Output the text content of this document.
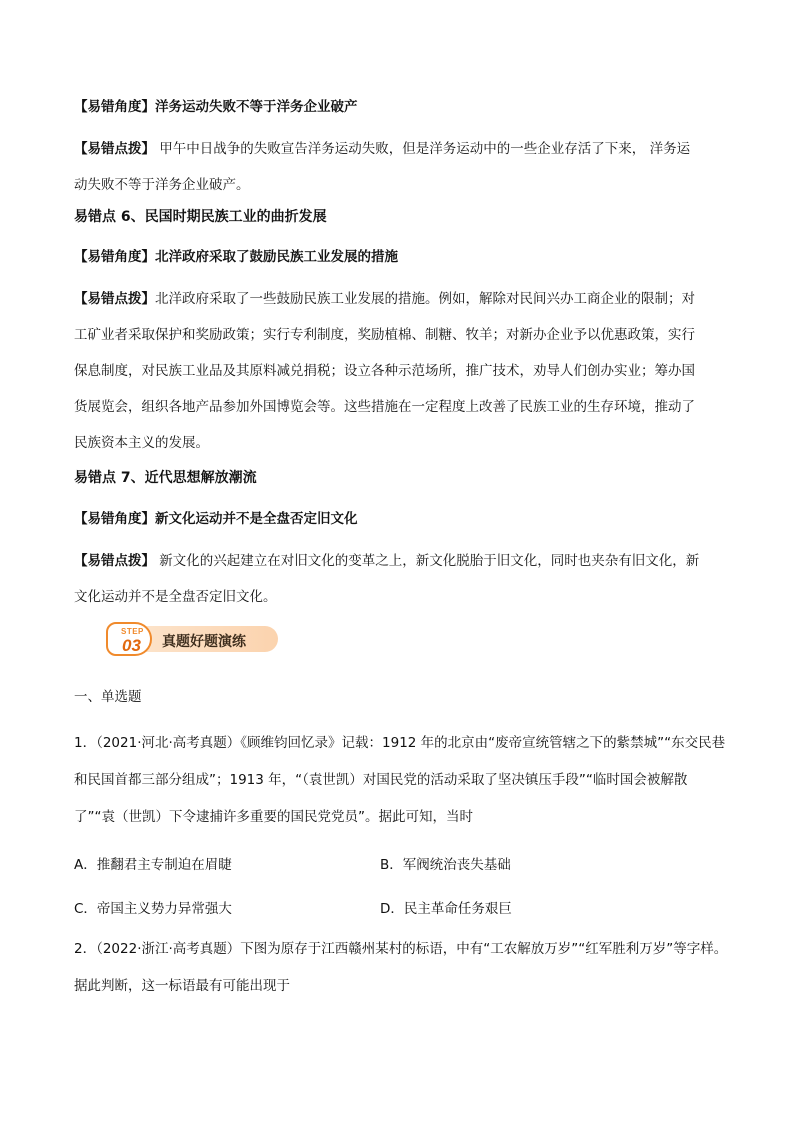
【易错角度】洋务运动失败不等于洋务企业破产
【易错点拨】 甲午中日战争的失败宣告洋务运动失败，但是洋务运动中的一些企业存活了下来， 洋务运
动失败不等于洋务企业破产。
易错点 6、民国时期民族工业的曲折发展
【易错角度】北洋政府采取了鼓励民族工业发展的措施
【易错点拨】北洋政府采取了一些鼓励民族工业发展的措施。例如，解除对民间兴办工商企业的限制；对
工矿业者采取保护和奖励政策；实行专利制度，奖励植棉、制糖、牧羊；对新办企业予以优惠政策，实行
保息制度，对民族工业品及其原料减兑捐税；设立各种示范场所，推广技术，劝导人们创办实业；筹办国
货展览会，组织各地产品参加外国博览会等。这些措施在一定程度上改善了民族工业的生存环境，推动了
民族资本主义的发展。
易错点 7、近代思想解放潮流
【易错角度】新文化运动并不是全盘否定旧文化
【易错点拨】 新文化的兴起建立在对旧文化的变革之上，新文化脱胎于旧文化，同时也夹杂有旧文化，新
文化运动并不是全盘否定旧文化。
STEP
03 真题好题演练
一、单选题
1．（2021·河北·高考真题）《顾维钧回忆录》记载：1912 年的北京由“废帝宣统管辖之下的紫禁城”“东交民巷
和民国首都三部分组成”；1913 年，“（袁世凯）对国民党的活动采取了坚决镇压手段”“临时国会被解散
了”“袁（世凯）下令逮捕许多重要的国民党党员”。据此可知，当时
A．推翻君主专制迫在眉睫	B．军阀统治丧失基础
C．帝国主义势力异常强大	D．民主革命任务艰巨
2．（2022·浙江·高考真题）下图为原存于江西赣州某村的标语，中有“工农解放万岁”“红军胜利万岁”等字样。
据此判断，这一标语最有可能出现于
